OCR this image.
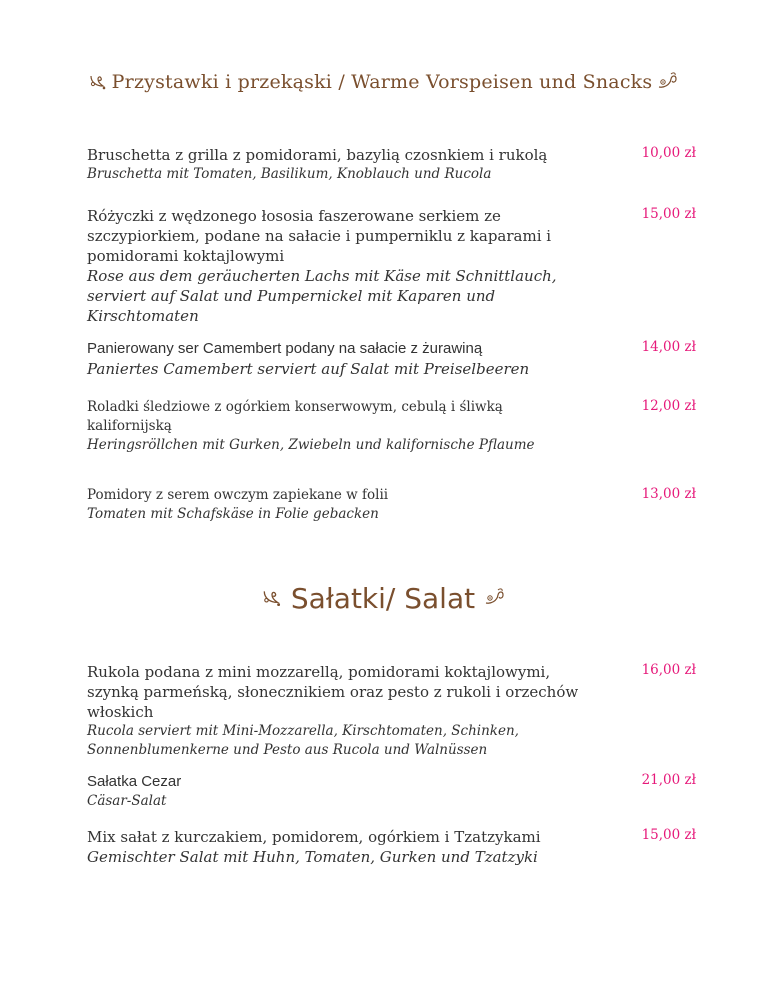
Przystawki i przekąski / Warme Vorspeisen und Snacks
Bruschetta z grilla z pomidorami, bazylią czosnkiem i rukolą
Bruschetta mit Tomaten, Basilikum, Knoblauch und Rucola
10,00 zł
Różyczki z wędzonego łososia faszerowane serkiem ze szczypiorkiem, podane na sałacie i pumperniklu z kaparami i pomidorami koktajlowymi
Rose aus dem geräucherten Lachs mit Käse mit Schnittlauch, serviert auf Salat und Pumpernickel mit Kaparen und Kirschtomaten
15,00 zł
Panierowany ser Camembert podany na sałacie z żurawiną
Paniertes Camembert serviert auf Salat mit Preiselbeeren
14,00 zł
Roladki śledziowe z ogórkiem konserwowym, cebulą i śliwką kalifornijską
Heringsröllchen mit Gurken, Zwiebeln und kalifornische Pflaume
12,00 zł
Pomidory z serem owczym zapiekane w folii
Tomaten mit Schafskäse in Folie gebacken
13,00 zł
Sałatki/ Salat
Rukola podana z mini mozzarellą, pomidorami koktajlowymi, szynką parmeńską, słonecznikiem oraz pesto z rukoli i orzechów włoskich
Rucola serviert mit Mini-Mozzarella, Kirschtomaten, Schinken, Sonnenblumenkerne und Pesto aus Rucola und Walnüssen
16,00 zł
Sałatka Cezar
Cäsar-Salat
21,00 zł
Mix sałat z kurczakiem, pomidorem, ogórkiem i Tzatzykami
Gemischter Salat mit Huhn, Tomaten, Gurken und Tzatzyki
15,00 zł
